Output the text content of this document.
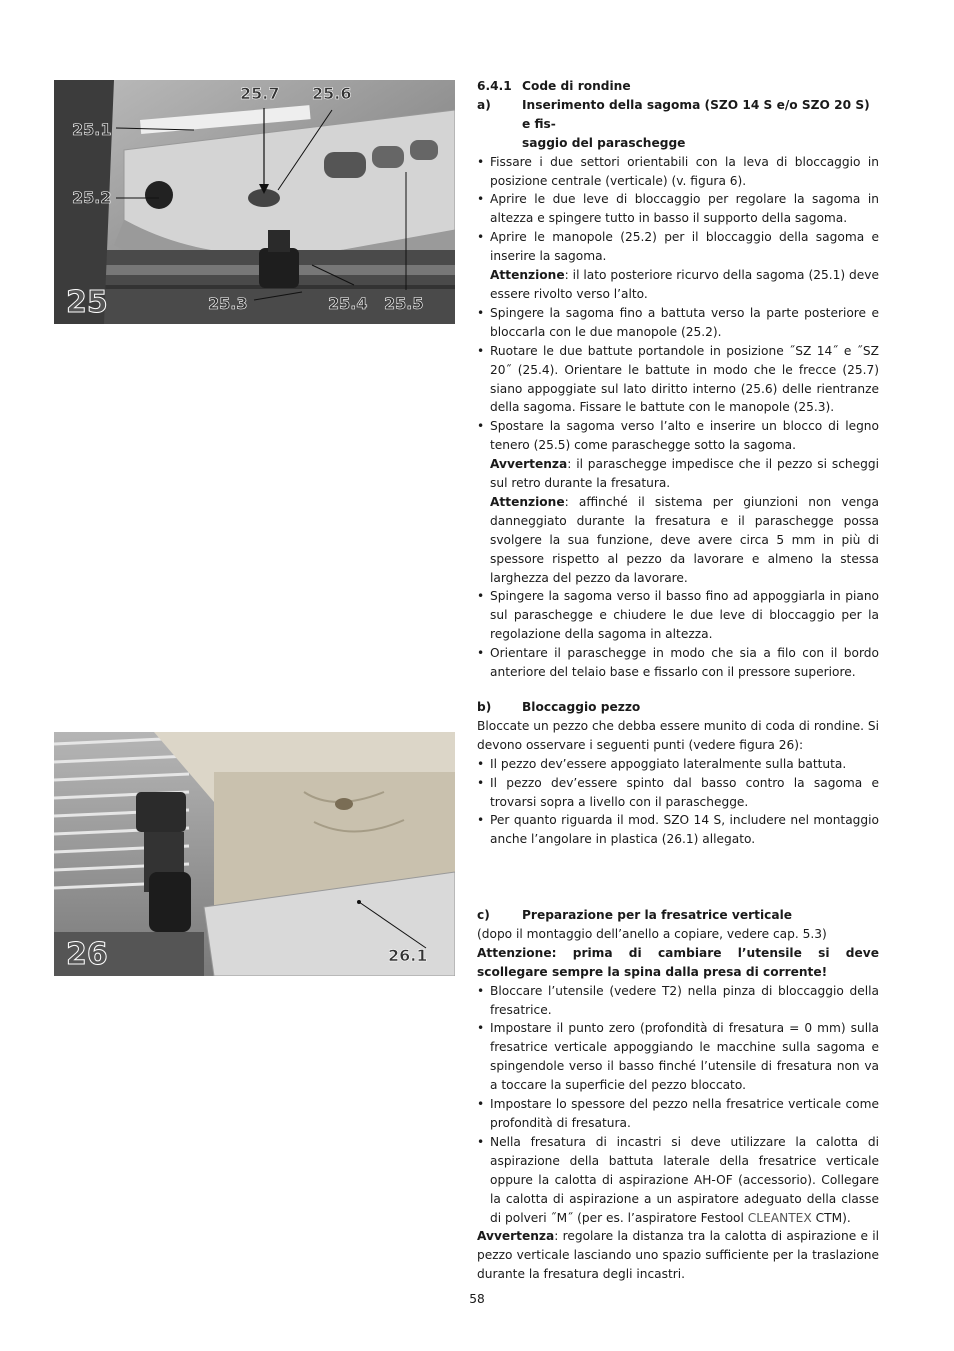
25
25.1
25.2
25.3	25.4 25.5
25.6
25.7
26	26.1
6.4.1 Code di rondine
a)	Inserimento della sagoma (SZO 14 S e/o SZO 20 S) e fis-
saggio del paraschegge
• Fissare i due settori orientabili con la leva di bloccaggio in posizione centrale (verticale) (v. figura 6).
• Aprire le due leve di bloccaggio per regolare la sagoma in altezza e spingere tutto in basso il supporto della sagoma.
• Aprire le manopole (25.2) per il bloccaggio della sagoma e inserire la sagoma.

Attenzione: il lato posteriore ricurvo della sagoma (25.1) deve essere rivolto verso l’alto.

• Spingere la sagoma fino a battuta verso la parte posteriore e bloccarla con le due manopole (25.2).
• Ruotare le due battute portandole in posizione ˝SZ 14˝ e ˝SZ 20˝ (25.4). Orientare le battute in modo che le frecce (25.7) siano appoggiate sul lato diritto interno (25.6) delle rientranze della sagoma. Fissare le battute con le manopole (25.3).
• Spostare la sagoma verso l’alto e inserire un blocco di legno tenero (25.5) come paraschegge sotto la sagoma.

Avvertenza: il paraschegge impedisce che il pezzo si scheggi sul retro durante la fresatura.

Attenzione: affinché il sistema per giunzioni non venga danneggiato durante la fresatura e il paraschegge possa svolgere la sua funzione, deve avere circa 5 mm in più di spessore rispetto al pezzo da lavorare e almeno la stessa larghezza del pezzo da lavorare.

• Spingere la sagoma verso il basso fino ad appoggiarla in piano sul paraschegge e chiudere le due leve di bloccaggio per la regolazione della sagoma in altezza.
• Orientare il paraschegge in modo che sia a filo con il bordo anteriore del telaio base e fissarlo con il pressore superiore.
b)	Bloccaggio pezzo

Bloccate un pezzo che debba essere munito di coda di rondine. Si devono osservare i seguenti punti (vedere figura 26):

• Il pezzo dev’essere appoggiato lateralmente sulla battuta.
• Il pezzo dev’essere spinto dal basso contro la sagoma e trovarsi sopra a livello con il paraschegge.
• Per quanto riguarda il mod. SZO 14 S, includere nel montaggio anche l’angolare in plastica (26.1) allegato.
c)	Preparazione per la fresatrice verticale

(dopo il montaggio dell’anello a copiare, vedere cap. 5.3)

Attenzione: prima di cambiare l’utensile si deve scollegare sempre la spina dalla presa di corrente!

• Bloccare l’utensile (vedere T2) nella pinza di bloccaggio della fresatrice.
• Impostare il punto zero (profondità di fresatura = 0 mm) sulla fresatrice verticale appoggiando le macchine sulla sagoma e spingendole verso il basso finché l’utensile di fresatura non va a toccare la superficie del pezzo bloccato.
• Impostare lo spessore del pezzo nella fresatrice verticale come profondità di fresatura.
• Nella fresatura di incastri si deve utilizzare la calotta di aspirazione della battuta laterale della fresatrice verticale oppure la calotta di aspirazione AH-OF (accessorio). Collegare la calotta di aspirazione a un aspiratore adeguato della classe di polveri ˝M˝ (per es. l’aspiratore Festool CLEANTEX CTM).

Avvertenza: regolare la distanza tra la calotta di aspirazione e il pezzo verticale lasciando uno spazio sufficiente per la traslazione durante la fresatura degli incastri.

58
